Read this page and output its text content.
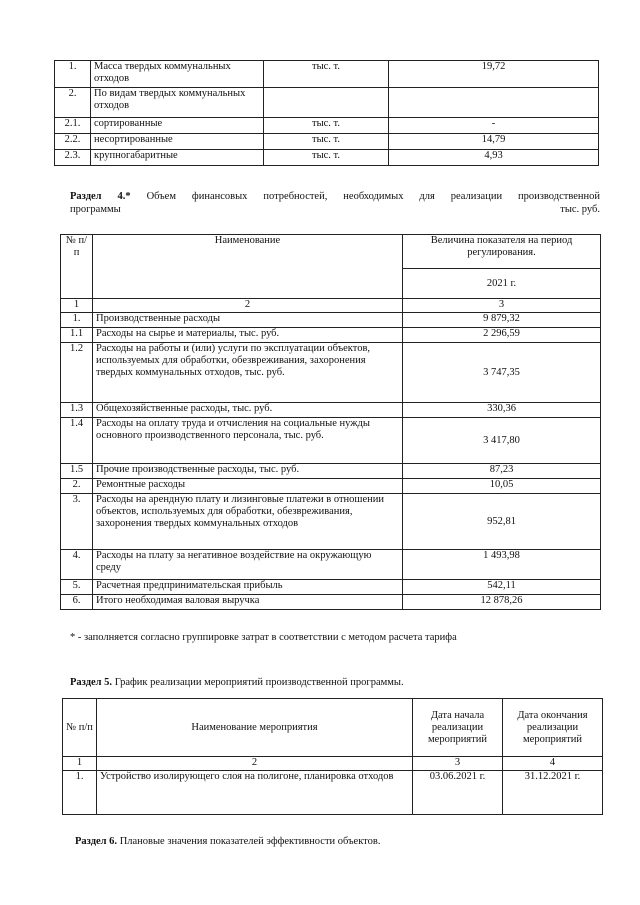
1.	Масса твердых коммунальных отходов	тыс. т.	19,72
2.	По видам твердых коммунальных отходов		
2.1.	сортированные	тыс. т.	-
2.2.	несортированные	тыс. т.	14,79
2.3.	крупногабаритные	тыс. т.	4,93
Раздел 4.* Объем финансовых потребностей, необходимых для реализации производственной
программы	тыс. руб.
№ п/п	Наименование	Величина показателя на период регулирования.
		2021 г.
1	2	3
1.	Производственные расходы	9 879,32
1.1	Расходы на сырье и материалы, тыс. руб.	2 296,59
1.2	Расходы на работы и (или) услуги по эксплуатации объектов, используемых для обработки, обезвреживания, захоронения твердых коммунальных отходов, тыс. руб.	3 747,35
1.3	Общехозяйственные расходы, тыс. руб.	330,36
1.4	Расходы на оплату труда и отчисления на социальные нужды основного производственного персонала, тыс. руб.	3 417,80
1.5	Прочие производственные расходы, тыс. руб.	87,23
2.	Ремонтные расходы	10,05
3.	Расходы на арендную плату и лизинговые платежи в отношении объектов, используемых для обработки, обезвреживания, захоронения твердых коммунальных отходов	952,81
4.	Расходы на плату за негативное воздействие на окружающую среду	1 493,98
5.	Расчетная предпринимательская прибыль	542,11
6.	Итого необходимая валовая выручка	12 878,26
* - заполняется согласно группировке затрат в соответствии с методом расчета тарифа
Раздел 5. График реализации мероприятий производственной программы.
№ п/п	Наименование мероприятия	Дата начала реализации мероприятий	Дата окончания реализации мероприятий
1	2	3	4
1.	Устройство изолирующего слоя на полигоне, планировка отходов	03.06.2021 г.	31.12.2021 г.
Раздел 6. Плановые значения показателей эффективности объектов.
